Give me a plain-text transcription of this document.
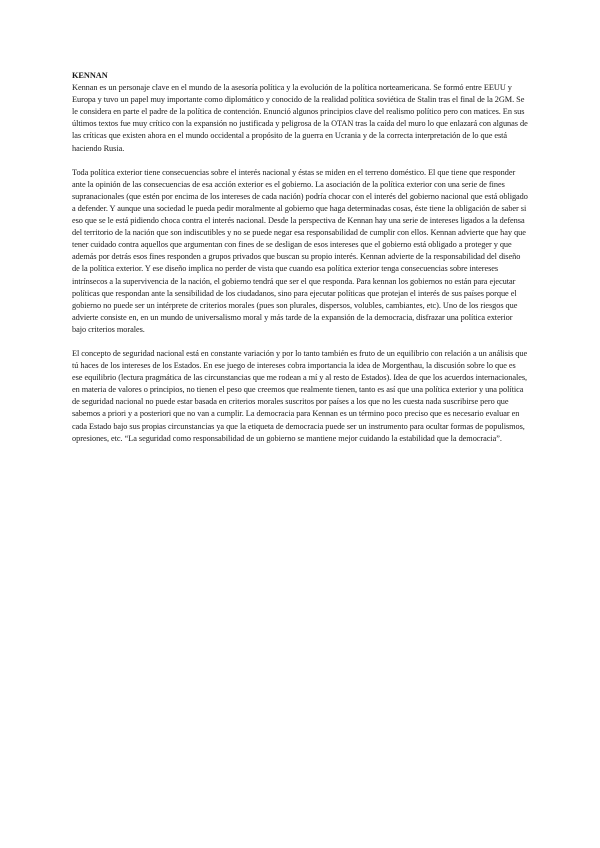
KENNAN

Kennan es un personaje clave en el mundo de la asesoría política y la evolución de la política norteamericana. Se formó entre EEUU y Europa y tuvo un papel muy importante como diplomático y conocido de la realidad política soviética de Stalin tras el final de la 2GM. Se le considera en parte el padre de la política de contención. Enunció algunos principios clave del realismo político pero con matices. En sus últimos textos fue muy crítico con la expansión no justificada y peligrosa de la OTAN tras la caída del muro lo que enlazará con algunas de las críticas que existen ahora en el mundo occidental a propósito de la guerra en Ucrania y de la correcta interpretación de lo que está haciendo Rusia.

Toda política exterior tiene consecuencias sobre el interés nacional y éstas se miden en el terreno doméstico. El que tiene que responder ante la opinión de las consecuencias de esa acción exterior es el gobierno. La asociación de la política exterior con una serie de fines supranacionales (que estén por encima de los intereses de cada nación) podría chocar con el interés del gobierno nacional que está obligado a defender. Y aunque una sociedad le pueda pedir moralmente al gobierno que haga determinadas cosas, éste tiene la obligación de saber si eso que se le está pidiendo choca contra el interés nacional. Desde la perspectiva de Kennan hay una serie de intereses ligados a la defensa del territorio de la nación que son indiscutibles y no se puede negar esa responsabilidad de cumplir con ellos. Kennan advierte que hay que tener cuidado contra aquellos que argumentan con fines de se desligan de esos intereses que el gobierno está obligado a proteger y que además por detrás esos fines responden a grupos privados que buscan su propio interés. Kennan advierte de la responsabilidad del diseño de la política exterior. Y ese diseño implica no perder de vista que cuando esa política exterior tenga consecuencias sobre intereses intrínsecos a la supervivencia de la nación, el gobierno tendrá que ser el que responda. Para kennan los gobiernos no están para ejecutar políticas que respondan ante la sensibilidad de los ciudadanos, sino para ejecutar políticas que protejan el interés de sus países porque el gobierno no puede ser un intérprete de criterios morales (pues son plurales, dispersos, volubles, cambiantes, etc). Uno de los riesgos que advierte consiste en, en un mundo de universalismo moral y más tarde de la expansión de la democracia, disfrazar una política exterior bajo criterios morales.

El concepto de seguridad nacional está en constante variación y por lo tanto también es fruto de un equilibrio con relación a un análisis que tú haces de los intereses de los Estados. En ese juego de intereses cobra importancia la idea de Morgenthau, la discusión sobre lo que es ese equilibrio (lectura pragmática de las circunstancias que me rodean a mí y al resto de Estados). Idea de que los acuerdos internacionales, en materia de valores o principios, no tienen el peso que creemos que realmente tienen, tanto es así que una política exterior y una política de seguridad nacional no puede estar basada en criterios morales suscritos por países a los que no les cuesta nada suscribirse pero que sabemos a priori y a posteriori que no van a cumplir. La democracia para Kennan es un término poco preciso que es necesario evaluar en cada Estado bajo sus propias circunstancias ya que la etiqueta de democracia puede ser un instrumento para ocultar formas de populismos, opresiones, etc. “La seguridad como responsabilidad de un gobierno se mantiene mejor cuidando la estabilidad que la democracia”.
